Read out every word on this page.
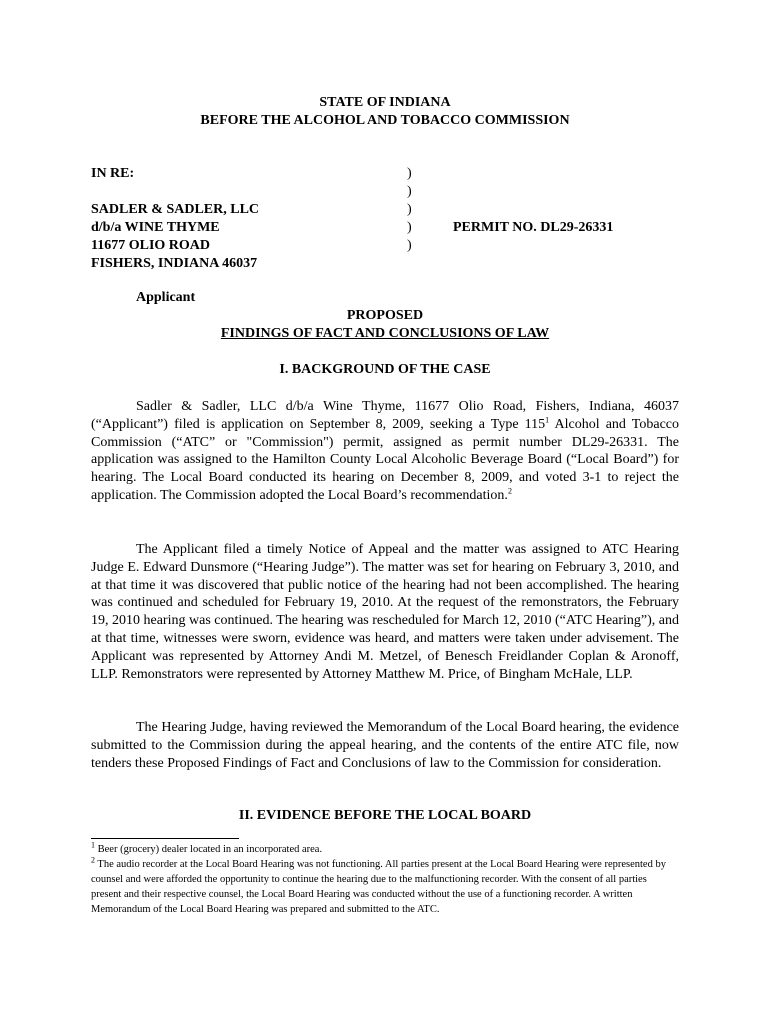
STATE OF INDIANA
BEFORE THE ALCOHOL AND TOBACCO COMMISSION
IN RE:
SADLER & SADLER, LLC
d/b/a WINE THYME
11677 OLIO ROAD
FISHERS, INDIANA 46037
)
)
)
)
)
PERMIT NO. DL29-26331
Applicant
PROPOSED
FINDINGS OF FACT AND CONCLUSIONS OF LAW
I. BACKGROUND OF THE CASE
Sadler & Sadler, LLC d/b/a Wine Thyme, 11677 Olio Road, Fishers, Indiana, 46037 (“Applicant”) filed is application on September 8, 2009, seeking a Type $115^1$ Alcohol and Tobacco Commission (“ATC” or "Commission") permit, assigned as permit number DL29-26331. The application was assigned to the Hamilton County Local Alcoholic Beverage Board (“Local Board”) for hearing. The Local Board conducted its hearing on December 8, 2009, and voted 3-1 to reject the application. The Commission adopted the Local Board’s recommendation.$^2$
The Applicant filed a timely Notice of Appeal and the matter was assigned to ATC Hearing Judge E. Edward Dunsmore (“Hearing Judge”). The matter was set for hearing on February 3, 2010, and at that time it was discovered that public notice of the hearing had not been accomplished. The hearing was continued and scheduled for February 19, 2010. At the request of the remonstrators, the February 19, 2010 hearing was continued. The hearing was rescheduled for March 12, 2010 (“ATC Hearing”), and at that time, witnesses were sworn, evidence was heard, and matters were taken under advisement. The Applicant was represented by Attorney Andi M. Metzel, of Benesch Freidlander Coplan & Aronoff, LLP. Remonstrators were represented by Attorney Matthew M. Price, of Bingham McHale, LLP.
The Hearing Judge, having reviewed the Memorandum of the Local Board hearing, the evidence submitted to the Commission during the appeal hearing, and the contents of the entire ATC file, now tenders these Proposed Findings of Fact and Conclusions of law to the Commission for consideration.
II. EVIDENCE BEFORE THE LOCAL BOARD

$^1$ Beer (grocery) dealer located in an incorporated area.

$^2$ The audio recorder at the Local Board Hearing was not functioning. All parties present at the Local Board Hearing were represented by counsel and were afforded the opportunity to continue the hearing due to the malfunctioning recorder. With the consent of all parties present and their respective counsel, the Local Board Hearing was conducted without the use of a functioning recorder. A written Memorandum of the Local Board Hearing was prepared and submitted to the ATC.
